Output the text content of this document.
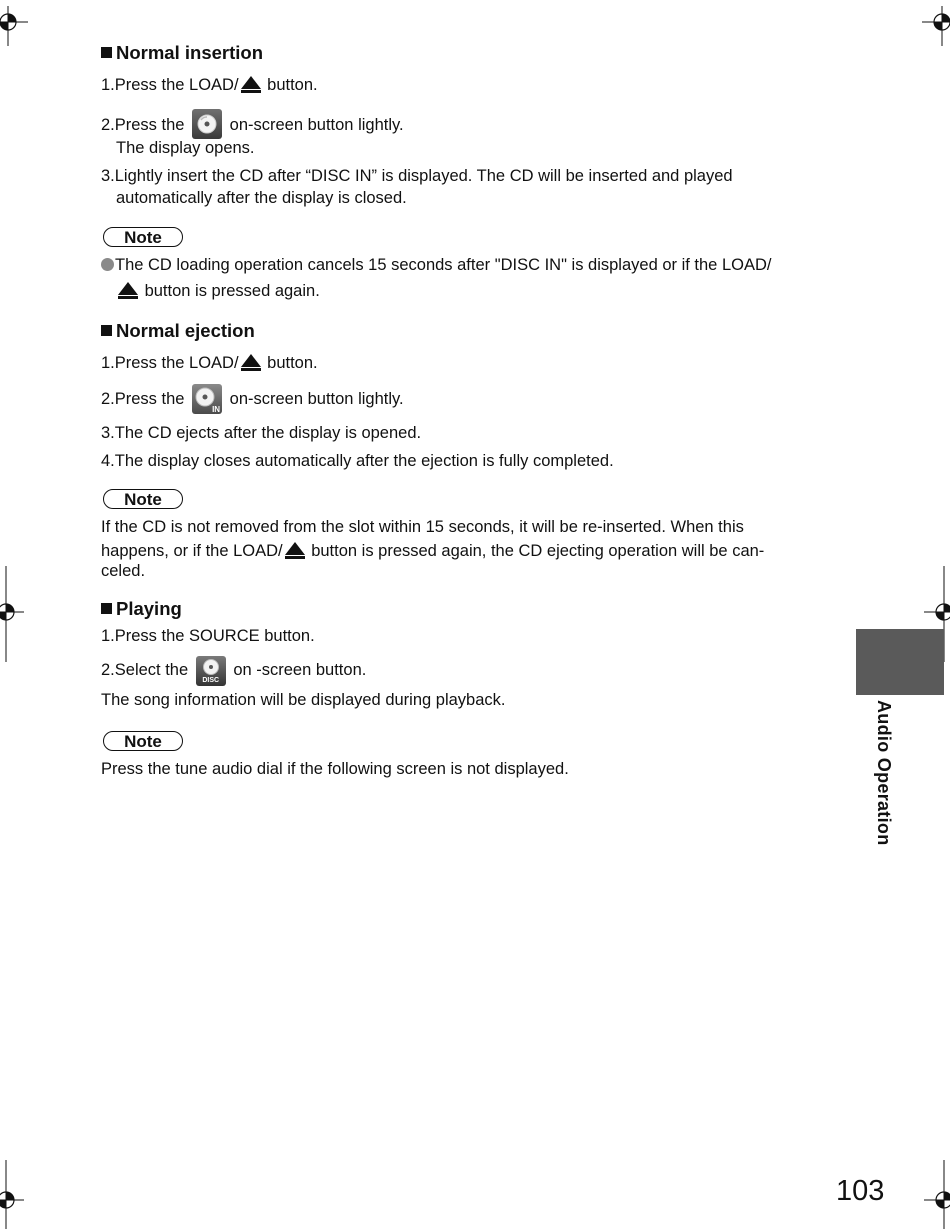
Normal insertion
1.Press the LOAD/
button.
2.Press the	on-screen button lightly.
The display opens.
3.Lightly insert the CD after “DISC IN” is displayed. The CD will be inserted and played
automatically after the display is closed.
Note
The CD loading operation cancels 15 seconds after "DISC IN" is displayed or if the LOAD/
button is pressed again.
Normal ejection
1.Press the LOAD/
button.
2.Press the
IN
on-screen button lightly.
3.The CD ejects after the display is opened.
4.The display closes automatically after the ejection is fully completed.
Note
If the CD is not removed from the slot within 15 seconds, it will be re-inserted. When this
happens, or if the LOAD/
button is pressed again, the CD ejecting operation will be can-
celed.
Playing
1.Press the SOURCE button.
2.Select the
DISC
on -screen button.
The song information will be displayed during playback.
Note
Press the tune audio dial if the following screen is not displayed.	Audio Operation
103
